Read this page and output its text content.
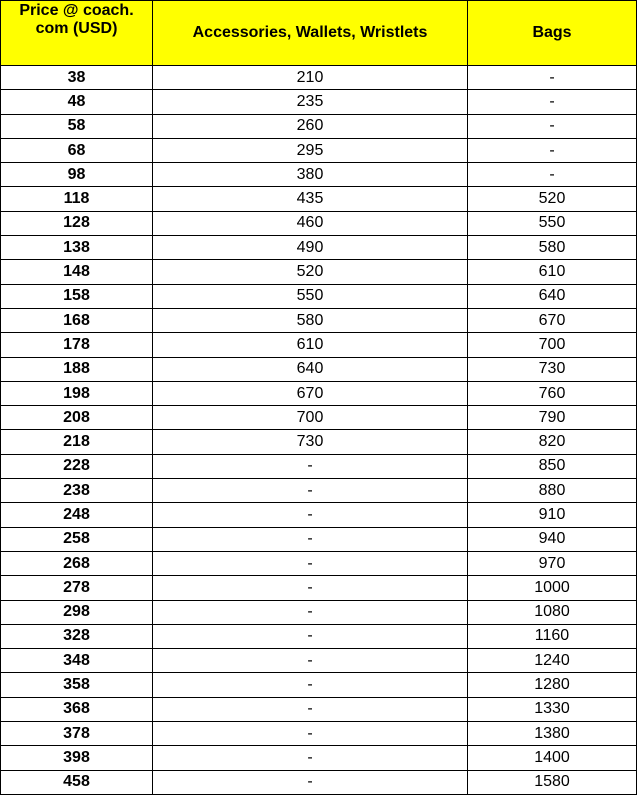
Price @ coach. com (USD)	Accessories, Wallets, Wristlets	Bags
38	210	-
48	235	-
58	260	-
68	295	-
98	380	-
118	435	520
128	460	550
138	490	580
148	520	610
158	550	640
168	580	670
178	610	700
188	640	730
198	670	760
208	700	790
218	730	820
228	-	850
238	-	880
248	-	910
258	-	940
268	-	970
278	-	1000
298	-	1080
328	-	1160
348	-	1240
358	-	1280
368	-	1330
378	-	1380
398	-	1400
458	-	1580
